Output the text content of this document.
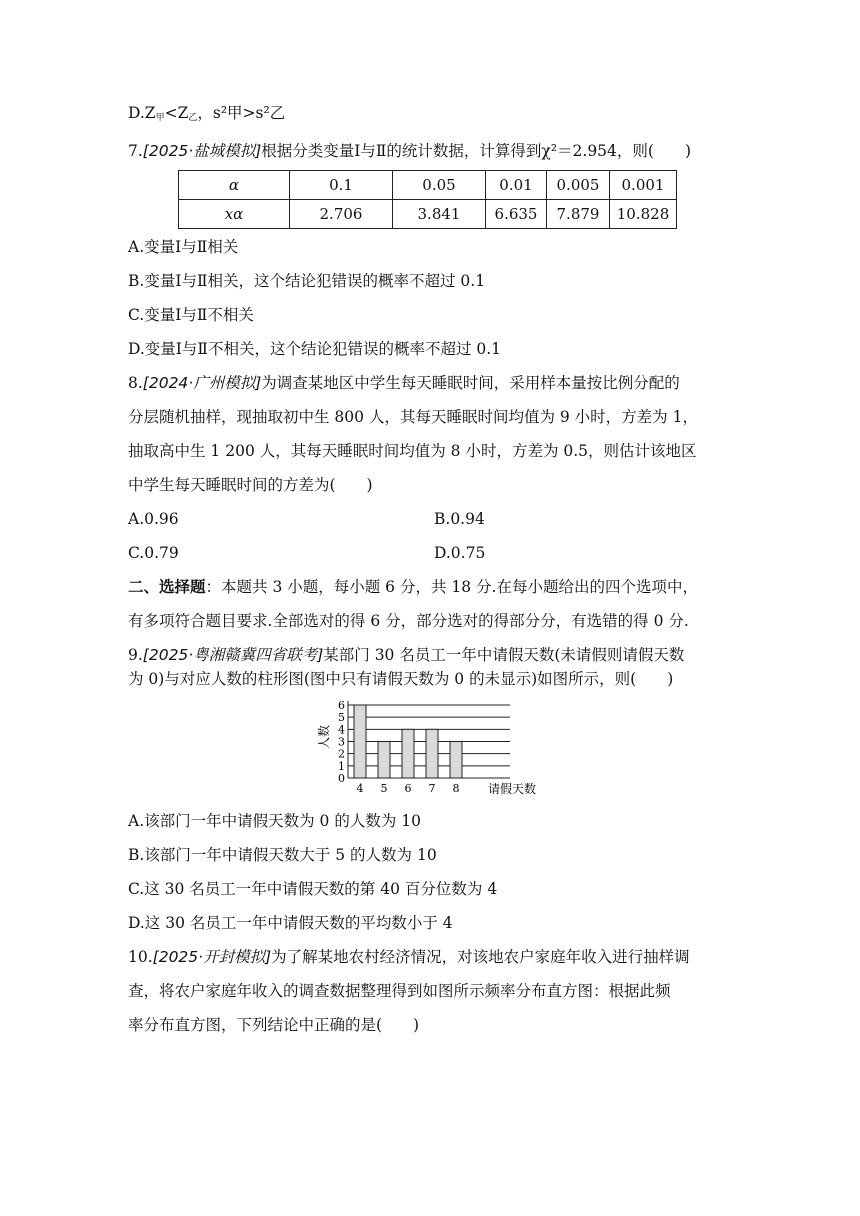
$D.Z_甲<Z_乙$，s²甲>s²乙
7.[2025·盐城模拟]根据分类变量Ⅰ与Ⅱ的统计数据，计算得到χ²＝2.954，则(　　)
α	0.1	0.05	0.01	0.005	0.001
xα	2.706	3.841	6.635	7.879	10.828
A.变量Ⅰ与Ⅱ相关
B.变量Ⅰ与Ⅱ相关，这个结论犯错误的概率不超过 0.1
C.变量Ⅰ与Ⅱ不相关
D.变量Ⅰ与Ⅱ不相关，这个结论犯错误的概率不超过 0.1
8.[2024·广州模拟]为调查某地区中学生每天睡眠时间，采用样本量按比例分配的
分层随机抽样，现抽取初中生 800 人，其每天睡眠时间均值为 9 小时，方差为 1，
抽取高中生 1 200 人，其每天睡眠时间均值为 8 小时，方差为 0.5，则估计该地区
中学生每天睡眠时间的方差为(　　)
A.0.96	B.0.94
C.0.79	D.0.75
二、选择题：本题共 3 小题，每小题 6 分，共 18 分.在每小题给出的四个选项中，
有多项符合题目要求.全部选对的得 6 分，部分选对的得部分分，有选错的得 0 分.
9.[2025·粤湘赣冀四省联考]某部门 30 名员工一年中请假天数(未请假则请假天数
为 0)与对应人数的柱形图(图中只有请假天数为 0 的未显示)如图所示，则(　　)
0
1
2
3
4
5
6
4 5 6 7 8
人数
请假天数
A.该部门一年中请假天数为 0 的人数为 10
B.该部门一年中请假天数大于 5 的人数为 10
C.这 30 名员工一年中请假天数的第 40 百分位数为 4
D.这 30 名员工一年中请假天数的平均数小于 4
10.[2025·开封模拟]为了解某地农村经济情况，对该地农户家庭年收入进行抽样调
查，将农户家庭年收入的调查数据整理得到如图所示频率分布直方图：根据此频
率分布直方图，下列结论中正确的是(　　)
